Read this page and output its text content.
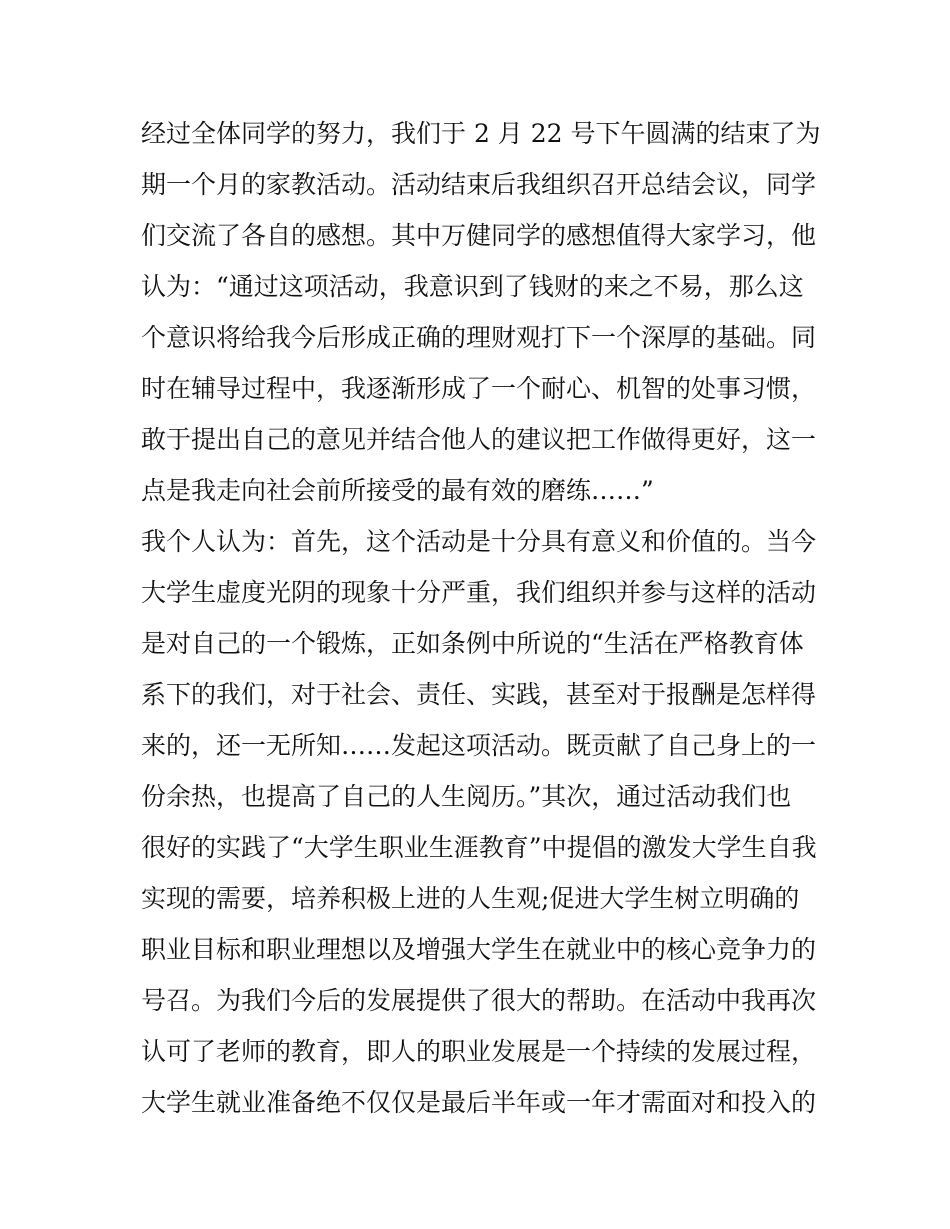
经过全体同学的努力，我们于 2 月 22 号下午圆满的结束了为
期一个月的家教活动。活动结束后我组织召开总结会议，同学
们交流了各自的感想。其中万健同学的感想值得大家学习，他
认为：“通过这项活动，我意识到了钱财的来之不易，那么这
个意识将给我今后形成正确的理财观打下一个深厚的基础。同
时在辅导过程中，我逐渐形成了一个耐心、机智的处事习惯，
敢于提出自己的意见并结合他人的建议把工作做得更好，这一
点是我走向社会前所接受的最有效的磨练……”
我个人认为：首先，这个活动是十分具有意义和价值的。当今
大学生虚度光阴的现象十分严重，我们组织并参与这样的活动
是对自己的一个锻炼，正如条例中所说的“生活在严格教育体
系下的我们，对于社会、责任、实践，甚至对于报酬是怎样得
来的，还一无所知……发起这项活动。既贡献了自己身上的一
份余热，也提高了自己的人生阅历。”其次，通过活动我们也
很好的实践了“大学生职业生涯教育”中提倡的激发大学生自我
实现的需要，培养积极上进的人生观;促进大学生树立明确的
职业目标和职业理想以及增强大学生在就业中的核心竞争力的
号召。为我们今后的发展提供了很大的帮助。在活动中我再次
认可了老师的教育，即人的职业发展是一个持续的发展过程，
大学生就业准备绝不仅仅是最后半年或一年才需面对和投入的
